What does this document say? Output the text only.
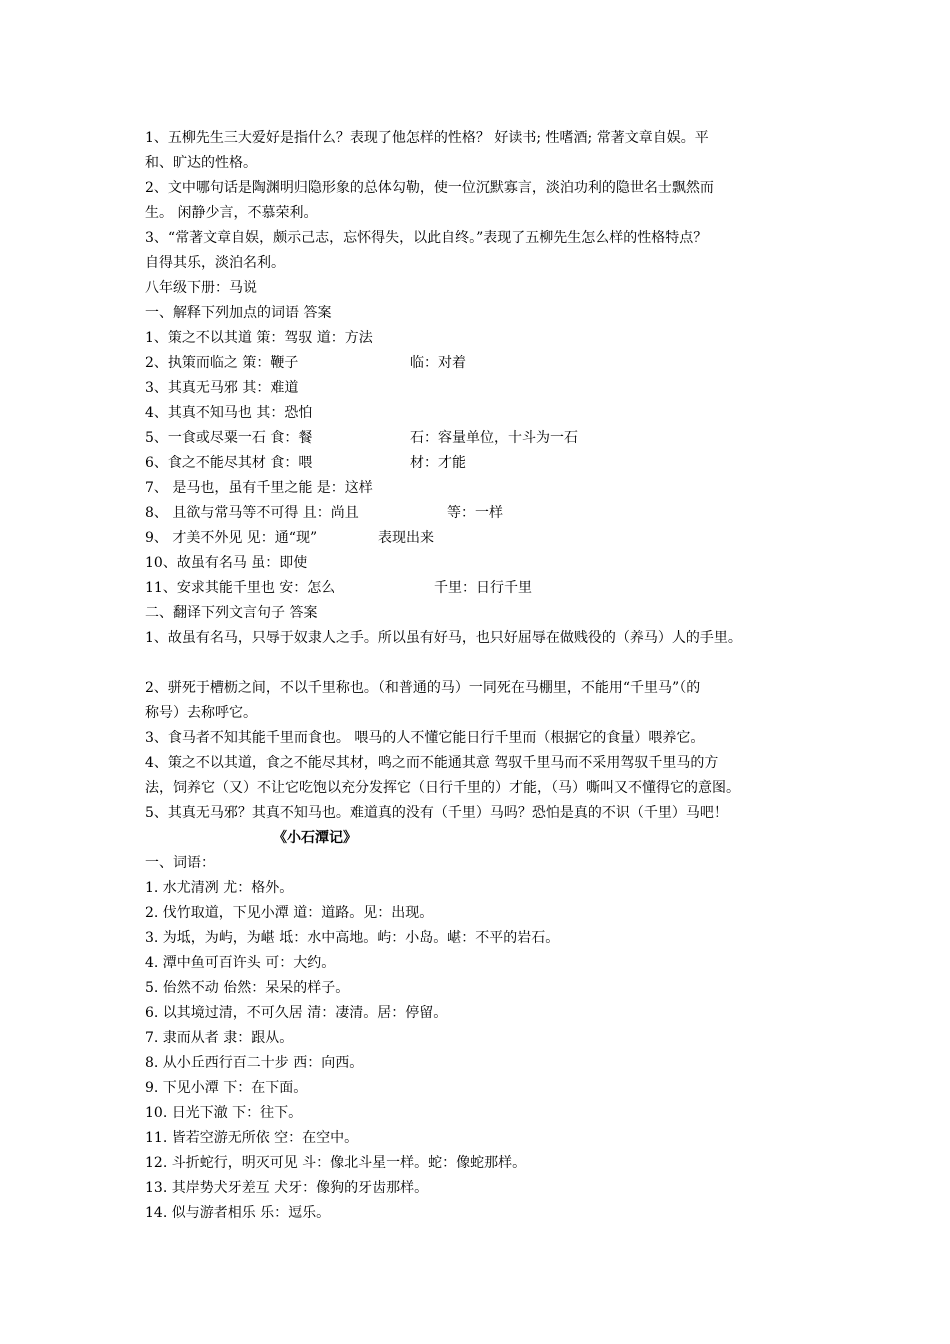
1、五柳先生三大爱好是指什么？表现了他怎样的性格？ 好读书; 性嗜酒; 常著文章自娱。平
和、旷达的性格。
2、文中哪句话是陶渊明归隐形象的总体勾勒，使一位沉默寡言，淡泊功利的隐世名士飘然而
生。 闲静少言，不慕荣利。
3、“常著文章自娱，颇示己志，忘怀得失，以此自终。”表现了五柳先生怎么样的性格特点？
自得其乐，淡泊名利。
八年级下册：马说
一、解释下列加点的词语 答案
1、策之不以其道 策：驾驭 道：方法
2、执策而临之 策：鞭子	临：对着
3、其真无马邪 其：难道
4、其真不知马也 其：恐怕
5、一食或尽粟一石 食：餐	石：容量单位，十斗为一石
6、食之不能尽其材 食：喂	材：才能
7、 是马也，虽有千里之能 是：这样
8、 且欲与常马等不可得 且：尚且	等：一样
9、 才美不外见 见：通“现”	表现出来
10、故虽有名马 虽：即使
11、安求其能千里也 安：怎么	千里：日行千里
二、翻译下列文言句子 答案
1、故虽有名马，只辱于奴隶人之手。所以虽有好马，也只好屈辱在做贱役的（养马）人的手里。
2、骈死于槽枥之间，不以千里称也。（和普通的马）一同死在马棚里，不能用“千里马”（的
称号）去称呼它。
3、食马者不知其能千里而食也。 喂马的人不懂它能日行千里而（根据它的食量）喂养它。
4、策之不以其道，食之不能尽其材，鸣之而不能通其意 驾驭千里马而不采用驾驭千里马的方
法，饲养它（又）不让它吃饱以充分发挥它（日行千里的）才能，（马）嘶叫又不懂得它的意图。
5、其真无马邪？其真不知马也。难道真的没有（千里）马吗？恐怕是真的不识（千里）马吧！
《小石潭记》
一、词语：
1. 水尤清冽 尤：格外。
2. 伐竹取道，下见小潭 道：道路。见：出现。
3. 为坻，为屿，为嵁 坻：水中高地。屿：小岛。嵁：不平的岩石。
4. 潭中鱼可百许头 可：大约。
5. 佁然不动 佁然：呆呆的样子。
6. 以其境过清，不可久居 清：凄清。居：停留。
7. 隶而从者 隶：跟从。
8. 从小丘西行百二十步 西：向西。
9. 下见小潭 下：在下面。
10. 日光下澈 下：往下。
11. 皆若空游无所依 空：在空中。
12. 斗折蛇行，明灭可见 斗：像北斗星一样。蛇：像蛇那样。
13. 其岸势犬牙差互 犬牙：像狗的牙齿那样。
14. 似与游者相乐 乐：逗乐。
